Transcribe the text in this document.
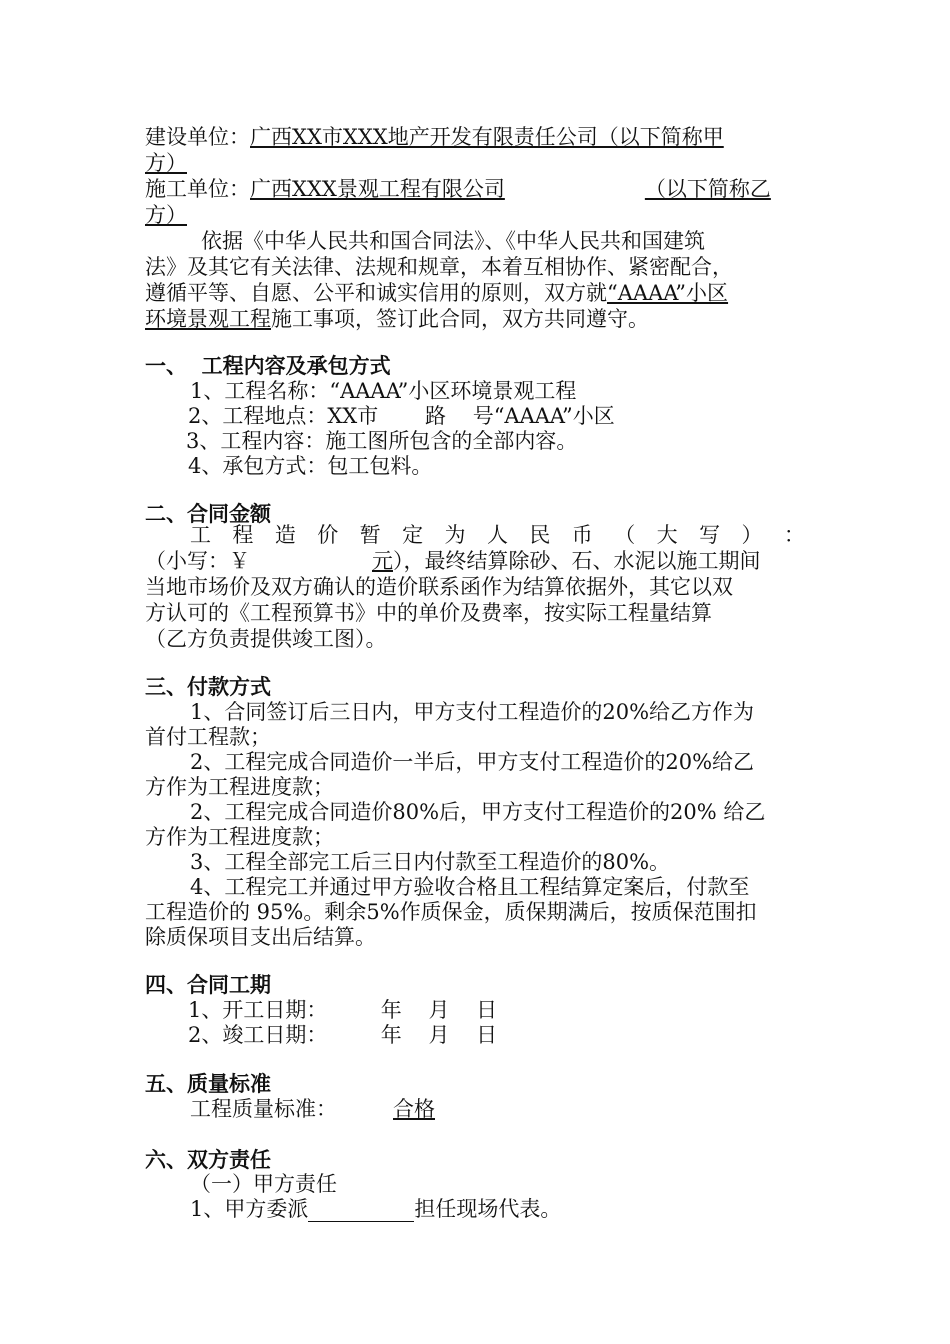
建设单位：广西XX市XXX地产开发有限责任公司（以下简称甲
方）
施工单位：广西XXX景观工程有限公司	（以下简称乙
方）
依据《中华人民共和国合同法》、《中华人民共和国建筑
法》及其它有关法律、法规和规章，本着互相协作、紧密配合，
遵循平等、自愿、公平和诚实信用的原则，双方就“AAAA”小区
环境景观工程施工事项，签订此合同，双方共同遵守。
一、  工程内容及承包方式
1、工程名称：“AAAA”小区环境景观工程
2、工程地点：XX市       路    号“AAAA”小区
3、工程内容：施工图所包含的全部内容。
4、承包方式：包工包料。
二、合同金额
工 程 造 价 暂 定 为 人 民 币 （ 大 写 ） ：
（小写：￥	元），最终结算除砂、石、水泥以施工期间
当地市场价及双方确认的造价联系函作为结算依据外，其它以双
方认可的《工程预算书》中的单价及费率，按实际工程量结算
（乙方负责提供竣工图）。
三、付款方式
1、合同签订后三日内，甲方支付工程造价的20%给乙方作为
首付工程款；
2、工程完成合同造价一半后，甲方支付工程造价的20%给乙
方作为工程进度款；
2、工程完成合同造价80%后，甲方支付工程造价的20% 给乙
方作为工程进度款；
3、工程全部完工后三日内付款至工程造价的80%。
4、工程完工并通过甲方验收合格且工程结算定案后，付款至
工程造价的 95%。剩余5%作质保金，质保期满后，按质保范围扣
除质保项目支出后结算。
四、合同工期
1、开工日期：        年    月    日
2、竣工日期：        年    月    日
五、质量标准
工程质量标准：	合格
六、双方责任
（一）甲方责任
1、甲方委派	担任现场代表。
